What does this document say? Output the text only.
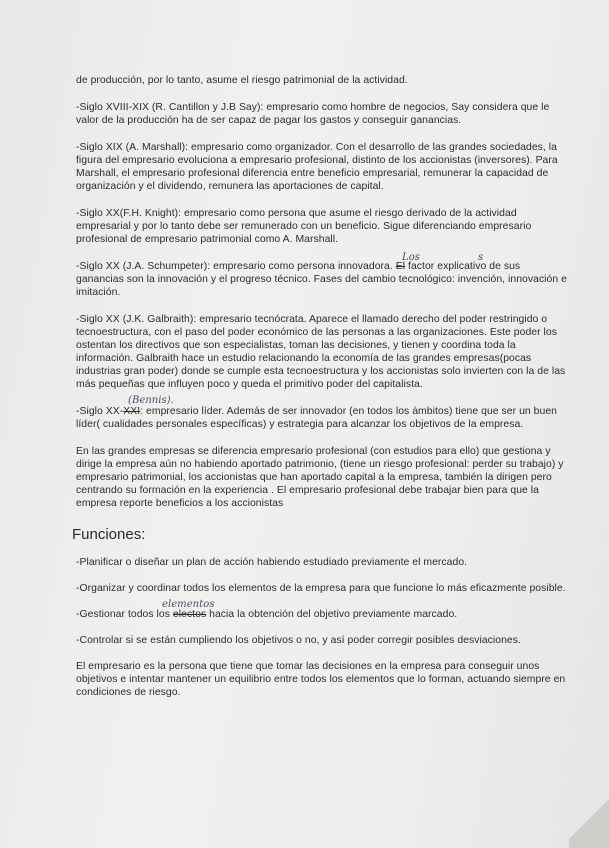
de producción, por lo tanto, asume el riesgo patrimonial de la actividad.

-Siglo XVIII-XIX (R. Cantillon y J.B Say): empresario como hombre de negocios, Say considera que le valor de la producción ha de ser capaz de pagar los gastos y conseguir ganancias.

-Siglo XIX (A. Marshall): empresario como organizador. Con el desarrollo de las grandes sociedades, la figura del empresario evoluciona a empresario profesional, distinto de los accionistas (inversores). Para Marshall, el empresario profesional diferencia entre beneficio empresarial, remunerar la capacidad de organización y el dividendo, remunera las aportaciones de capital.

-Siglo XX(F.H. Knight): empresario como persona que asume el riesgo derivado de la actividad empresarial y por lo tanto debe ser remunerado con un beneficio. Sigue diferenciando empresario profesional de empresario patrimonial como A. Marshall.

-Siglo XX (J.A. Schumpeter): empresario como persona innovadora. El factor explicativo de sus ganancias son la innovación y el progreso técnico. Fases del cambio tecnológico: invención, innovación e imitación.
Los	s

-Siglo XX (J.K. Galbraith): empresario tecnócrata. Aparece el llamado derecho del poder restringido o tecnoestructura, con el paso del poder económico de las personas a las organizaciones. Este poder los ostentan los directivos que son especialistas, toman las decisiones, y tienen y coordina toda la información. Galbraith hace un estudio relacionando la economía de las grandes empresas(pocas industrias gran poder) donde se cumple esta tecnoestructura y los accionistas solo invierten con la de las más pequeñas que influyen poco y queda el primitivo poder del capitalista.

-Siglo XX-XXI: empresario líder. Además de ser innovador (en todos los ámbitos) tiene que ser un buen líder( cualidades personales específicas) y estrategia para alcanzar los objetivos de la empresa.
(Bennis).

En las grandes empresas se diferencia empresario profesional (con estudios para ello) que gestiona y dirige la empresa aún no habiendo aportado patrimonio, (tiene un riesgo profesional: perder su trabajo) y empresario patrimonial, los accionistas que han aportado capital a la empresa, también la dirigen pero centrando su formación en la experiencia . El empresario profesional debe trabajar bien para que la empresa reporte beneficios a los accionistas

Funciones:

-Planificar o diseñar un plan de acción habiendo estudiado previamente el mercado.

-Organizar y coordinar todos los elementos de la empresa para que funcione lo más eficazmente posible.

-Gestionar todos los electos hacia la obtención del objetivo previamente marcado.
elementos

-Controlar si se están cumpliendo los objetivos o no, y así poder corregir posibles desviaciones.

El empresario es la persona que tiene que tomar las decisiones en la empresa para conseguir unos objetivos e intentar mantener un equilibrio entre todos los elementos que lo forman, actuando siempre en condiciones de riesgo.
